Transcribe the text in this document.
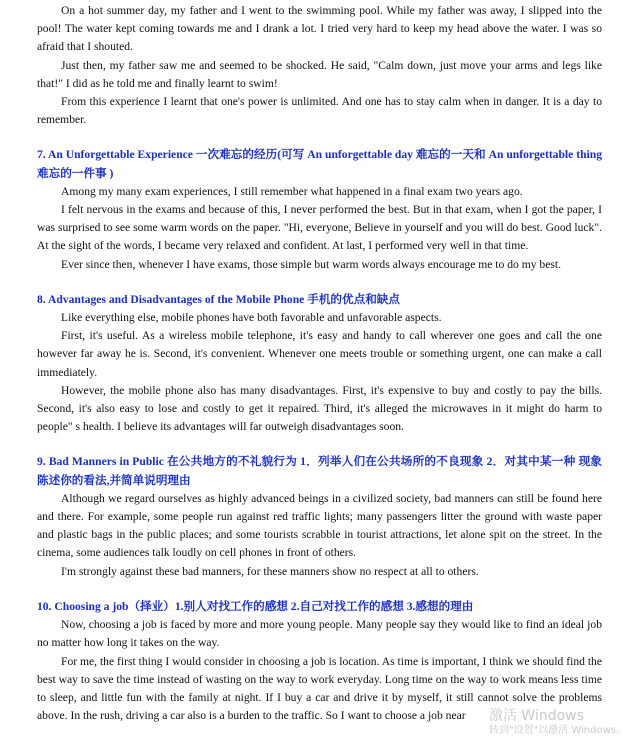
On a hot summer day, my father and I went to the swimming pool. While my father was away, I slipped into the pool! The water kept coming towards me and I drank a lot. I tried very hard to keep my head above the water. I was so afraid that I shouted.

Just then, my father saw me and seemed to be shocked. He said, "Calm down, just move your arms and legs like that!" I did as he told me and finally learnt to swim!

From this experience I learnt that one's power is unlimited. And one has to stay calm when in danger. It is a day to remember.

7. An Unforgettable Experience 一次难忘的经历(可写 An unforgettable day 难忘的一天和 An unforgettable thing 难忘的一件事 )

Among my many exam experiences, I still remember what happened in a final exam two years ago.

I felt nervous in the exams and because of this, I never performed the best. But in that exam, when I got the paper, I was surprised to see some warm words on the paper. "Hi, everyone, Believe in yourself and you will do best. Good luck". At the sight of the words, I became very relaxed and confident. At last, I performed very well in that time.

Ever since then, whenever I have exams, those simple but warm words always encourage me to do my best.

8. Advantages and Disadvantages of the Mobile Phone 手机的优点和缺点

Like everything else, mobile phones have both favorable and unfavorable aspects.

First, it's useful. As a wireless mobile telephone, it's easy and handy to call wherever one goes and call the one however far away he is. Second, it's convenient. Whenever one meets trouble or something urgent, one can make a call immediately.

However, the mobile phone also has many disadvantages. First, it's expensive to buy and costly to pay the bills. Second, it's also easy to lose and costly to get it repaired. Third, it's alleged the microwaves in it might do harm to people" s health. I believe its advantages will far outweigh disadvantages soon.

9. Bad Manners in Public 在公共地方的不礼貌行为 1．列举人们在公共场所的不良现象 2．对其中某一种 现象陈述你的看法,并简单说明理由

Although we regard ourselves as highly advanced beings in a civilized society, bad manners can still be found here and there. For example, some people run against red traffic lights; many passengers litter the ground with waste paper and plastic bags in the public places; and some tourists scrabble in tourist attractions, let alone spit on the street. In the cinema, some audiences talk loudly on cell phones in front of others.

I'm strongly against these bad manners, for these manners show no respect at all to others.

10. Choosing a job（择业）1.别人对找工作的感想 2.自己对找工作的感想 3.感想的理由

Now, choosing a job is faced by more and more young people. Many people say they would like to find an ideal job no matter how long it takes on the way.

For me, the first thing I would consider in choosing a job is location. As time is important, I think we should find the best way to save the time instead of wasting on the way to work everyday. Long time on the way to work means less time to sleep, and little fun with the family at night. If I buy a car and drive it by myself, it still cannot solve the problems above. In the rush, driving a car also is a burden to the traffic. So I want to choose a job near	激活 Windows
转到"设置"以激活 Windows。
